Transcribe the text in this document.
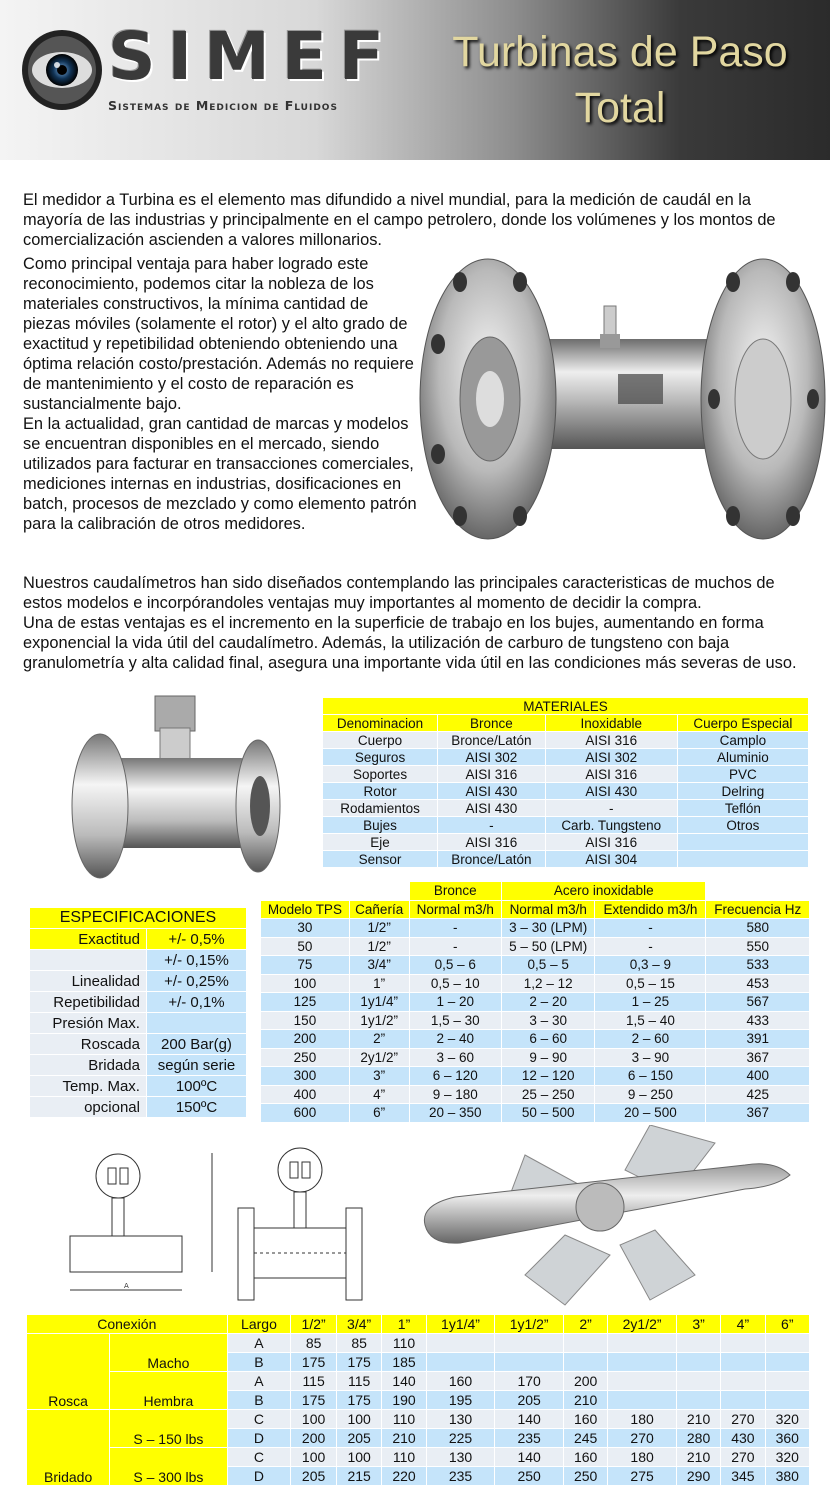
SIMEF
Sistemas de Medicion de Fluidos
Turbinas de Paso
Total
El medidor a Turbina es el elemento mas difundido a nivel mundial, para la medición de caudál en la mayoría de las industrias y principalmente en el campo petrolero, donde los volúmenes y los montos de comercialización ascienden a valores millonarios.
Como principal ventaja para haber logrado este reconocimiento, podemos citar la nobleza de los materiales constructivos, la mínima cantidad de piezas móviles (solamente el rotor) y el alto grado de exactitud y repetibilidad obteniendo obteniendo una óptima relación costo/prestación. Además no requiere de mantenimiento y el costo de reparación es sustancialmente bajo.
En la actualidad, gran cantidad de marcas y modelos se encuentran disponibles en el mercado, siendo utilizados para facturar en transacciones comerciales, mediciones internas en industrias, dosificaciones en batch, procesos de mezclado y como elemento patrón para la calibración de otros medidores.
Nuestros caudalímetros han sido diseñados contemplando las principales caracteristicas de muchos de estos modelos e incorpórandoles ventajas muy importantes al momento de decidir la compra.
Una de estas ventajas es el incremento en la superficie de trabajo en los bujes, aumentando en forma exponencial la vida útil del caudalímetro. Además, la utilización de carburo de tungsteno con baja granulometría y alta calidad final, asegura una importante vida útil en las condiciones más severas de uso.
MATERIALES			
Denominacion	Bronce	Inoxidable	Cuerpo Especial
Cuerpo	Bronce/Latón	AISI 316	Camplo
Seguros	AISI 302	AISI 302	Aluminio
Soportes	AISI 316	AISI 316	PVC
Rotor	AISI 430	AISI 430	Delring
Rodamientos	AISI 430	-	Teflón
Bujes	-	Carb. Tungsteno	Otros
Eje	AISI 316	AISI 316	
Sensor	Bronce/Latón	AISI 304	
ESPECIFICACIONES	
Exactitud	+/- 0,5%
	+/- 0,15%
Linealidad	+/- 0,25%
Repetibilidad	+/- 0,1%
Presión Max.	
Roscada	200 Bar(g)
Bridada	según serie
Temp. Max.	100ºC
opcional	150ºC
		Bronce	Acero inoxidable		
Modelo TPS	Cañería	Normal m3/h	Normal m3/h	Extendido m3/h	Frecuencia Hz
30	1/2”	-	3 – 30 (LPM)	-	580
50	1/2”	-	5 – 50 (LPM)	-	550
75	3/4”	0,5 – 6	0,5 – 5	0,3 – 9	533
100	1”	0,5 – 10	1,2 – 12	0,5 – 15	453
125	1y1/4”	1 – 20	2 – 20	1 – 25	567
150	1y1/2”	1,5 – 30	3 – 30	1,5 – 40	433
200	2”	2 – 40	6 – 60	2 – 60	391
250	2y1/2”	3 – 60	9 – 90	3 – 90	367
300	3”	6 – 120	12 – 120	6 – 150	400
400	4”	9 – 180	25 – 250	9 – 250	425
600	6”	20 – 350	50 – 500	20 – 500	367
A
Conexión		Largo	1/2”	3/4”	1”	1y1/4”	1y1/2”	2”	2y1/2”	3”	4”	6”
Rosca	Macho	A	85	85	110							
		B	175	175	185							
	Hembra	A	115	115	140	160	170	200				
		B	175	175	190	195	205	210				
Bridado	S – 150 lbs	C	100	100	110	130	140	160	180	210	270	320
		D	200	205	210	225	235	245	270	280	430	360
	S – 300 lbs	C	100	100	110	130	140	160	180	210	270	320
		D	205	215	220	235	250	250	275	290	345	380
